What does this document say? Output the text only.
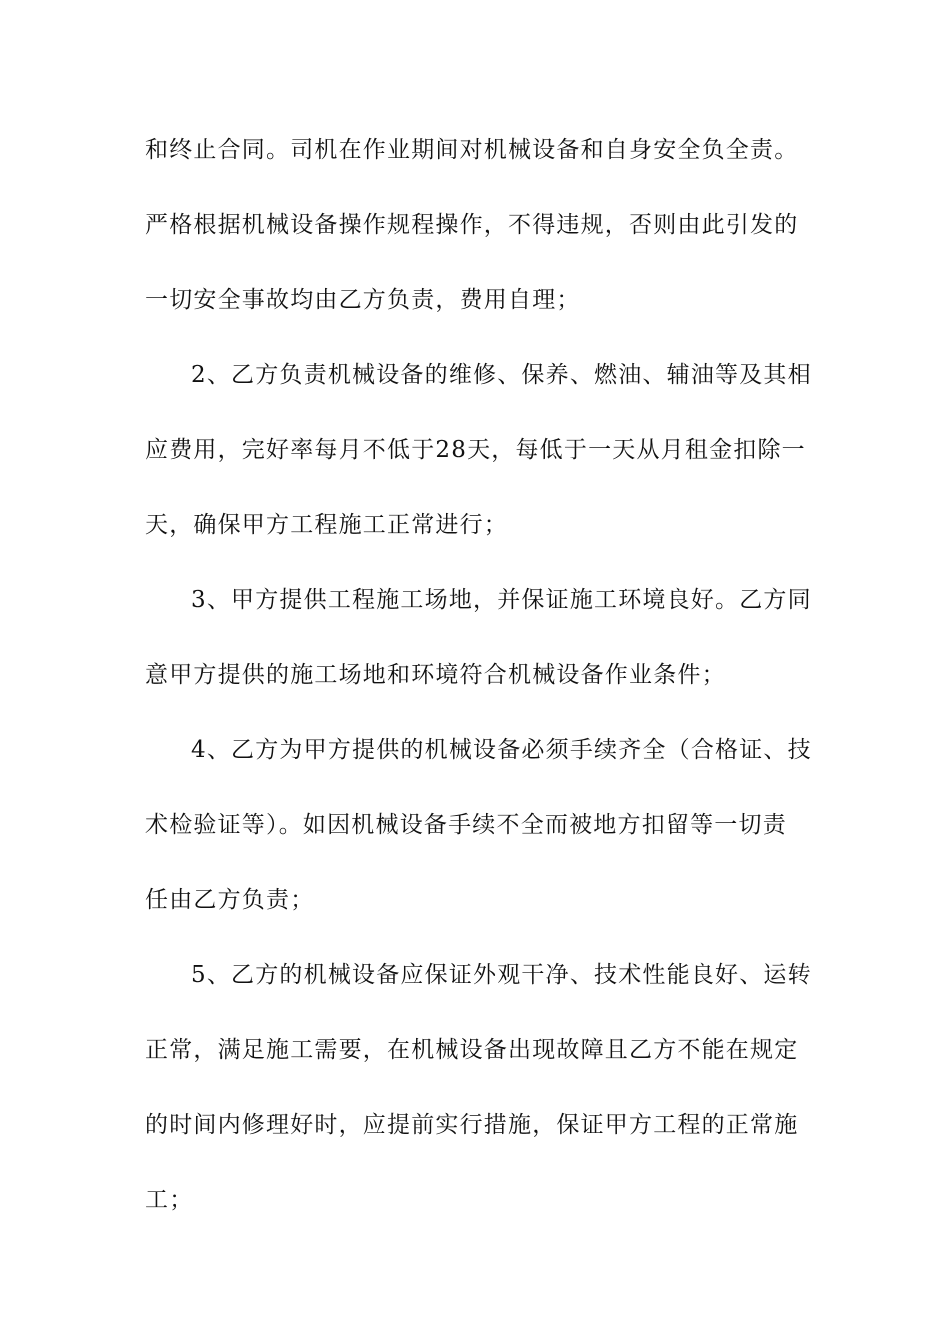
和终止合同。司机在作业期间对机械设备和自身安全负全责。
严格根据机械设备操作规程操作，不得违规，否则由此引发的
一切安全事故均由乙方负责，费用自理；
2、乙方负责机械设备的维修、保养、燃油、辅油等及其相
应费用，完好率每月不低于28天，每低于一天从月租金扣除一
天，确保甲方工程施工正常进行；
3、甲方提供工程施工场地，并保证施工环境良好。乙方同
意甲方提供的施工场地和环境符合机械设备作业条件；
4、乙方为甲方提供的机械设备必须手续齐全（合格证、技
术检验证等）。如因机械设备手续不全而被地方扣留等一切责
任由乙方负责；
5、乙方的机械设备应保证外观干净、技术性能良好、运转
正常，满足施工需要，在机械设备出现故障且乙方不能在规定
的时间内修理好时，应提前实行措施，保证甲方工程的正常施
工；
